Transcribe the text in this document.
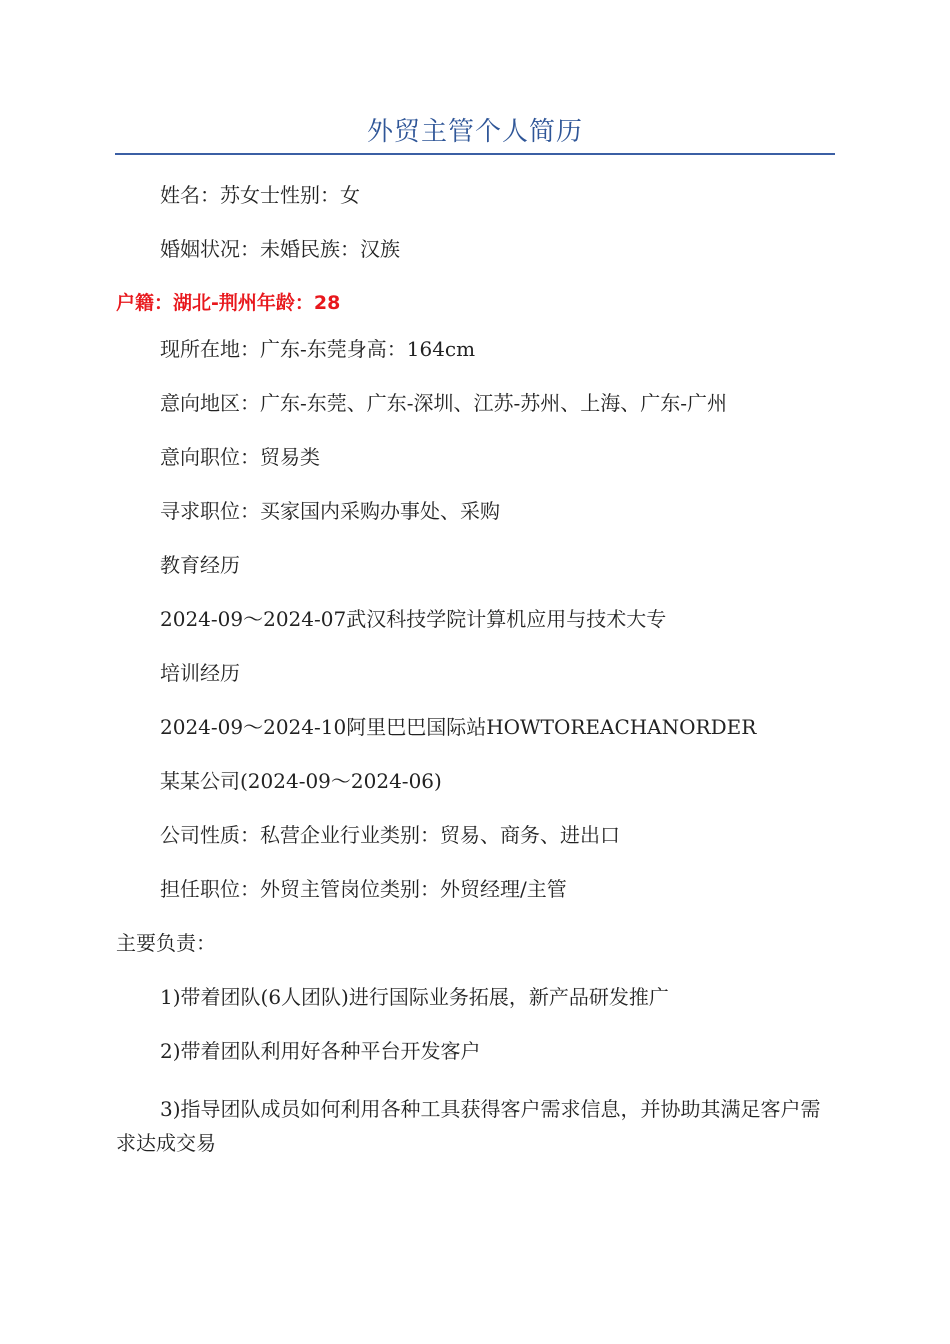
外贸主管个人简历
姓名：苏女士性别：女
婚姻状况：未婚民族：汉族
户籍：湖北-荆州年龄：28
现所在地：广东-东莞身高：164cm
意向地区：广东-东莞、广东-深圳、江苏-苏州、上海、广东-广州
意向职位：贸易类
寻求职位：买家国内采购办事处、采购
教育经历
2024-09～2024-07武汉科技学院计算机应用与技术大专
培训经历
2024-09～2024-10阿里巴巴国际站HOWTOREACHANORDER
某某公司(2024-09～2024-06)
公司性质：私营企业行业类别：贸易、商务、进出口
担任职位：外贸主管岗位类别：外贸经理/主管
主要负责：
1)带着团队(6人团队)进行国际业务拓展，新产品研发推广
2)带着团队利用好各种平台开发客户
3)指导团队成员如何利用各种工具获得客户需求信息，并协助其满足客户需求达成交易
